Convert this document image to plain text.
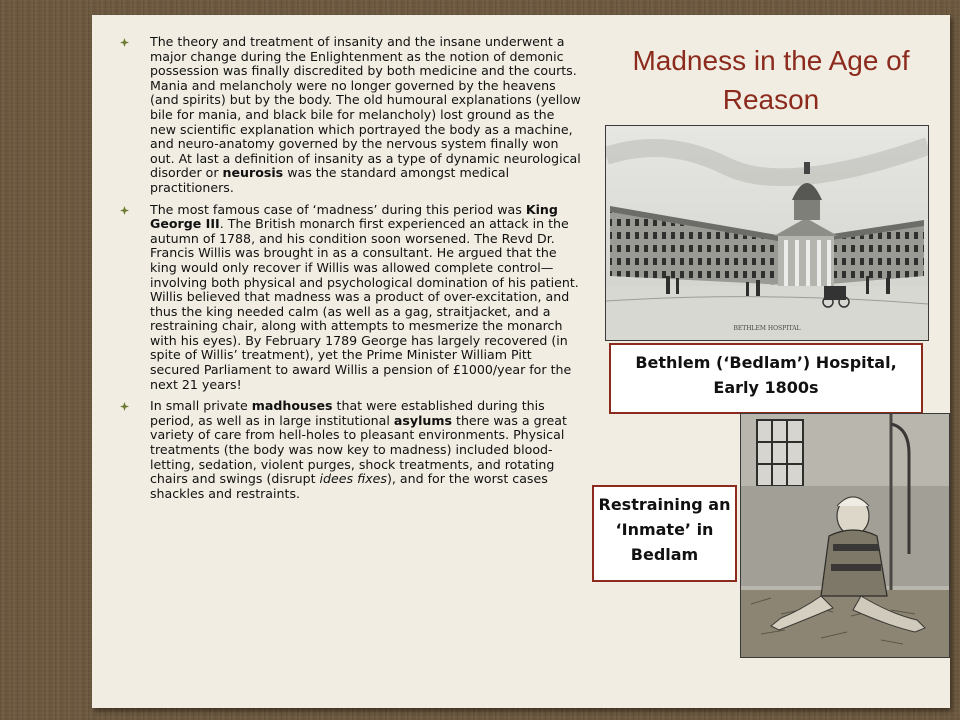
The theory and treatment of insanity and the insane underwent a major change during the Enlightenment as the notion of demonic possession was finally discredited by both medicine and the courts. Mania and melancholy were no longer governed by the heavens (and spirits) but by the body. The old humoural explanations (yellow bile for mania, and black bile for melancholy) lost ground as the new scientific explanation which portrayed the body as a machine, and neuro-anatomy governed by the nervous system finally won out. At last a definition of insanity as a type of dynamic neurological disorder or neurosis was the standard amongst medical practitioners.
The most famous case of ‘madness’ during this period was King George III. The British monarch first experienced an attack in the autumn of 1788, and his condition soon worsened. The Revd Dr. Francis Willis was brought in as a consultant. He argued that the king would only recover if Willis was allowed complete control—involving both physical and psychological domination of his patient. Willis believed that madness was a product of over-excitation, and thus the king needed calm (as well as a gag, straitjacket, and a restraining chair, along with attempts to mesmerize the monarch with his eyes). By February 1789 George has largely recovered (in spite of Willis’ treatment), yet the Prime Minister William Pitt secured Parliament to award Willis a pension of £1000/year for the next 21 years!
In small private madhouses that were established during this period, as well as in large institutional asylums there was a great variety of care from hell-holes to pleasant environments. Physical treatments (the body was now key to madness) included blood-letting, sedation, violent purges, shock treatments, and rotating chairs and swings (disrupt idees fixes), and for the worst cases shackles and restraints.
Madness in the Age of Reason
BETHLEM HOSPITAL
Bethlem (‘Bedlam’) Hospital, Early 1800s
Restraining an ‘Inmate’ in Bedlam
